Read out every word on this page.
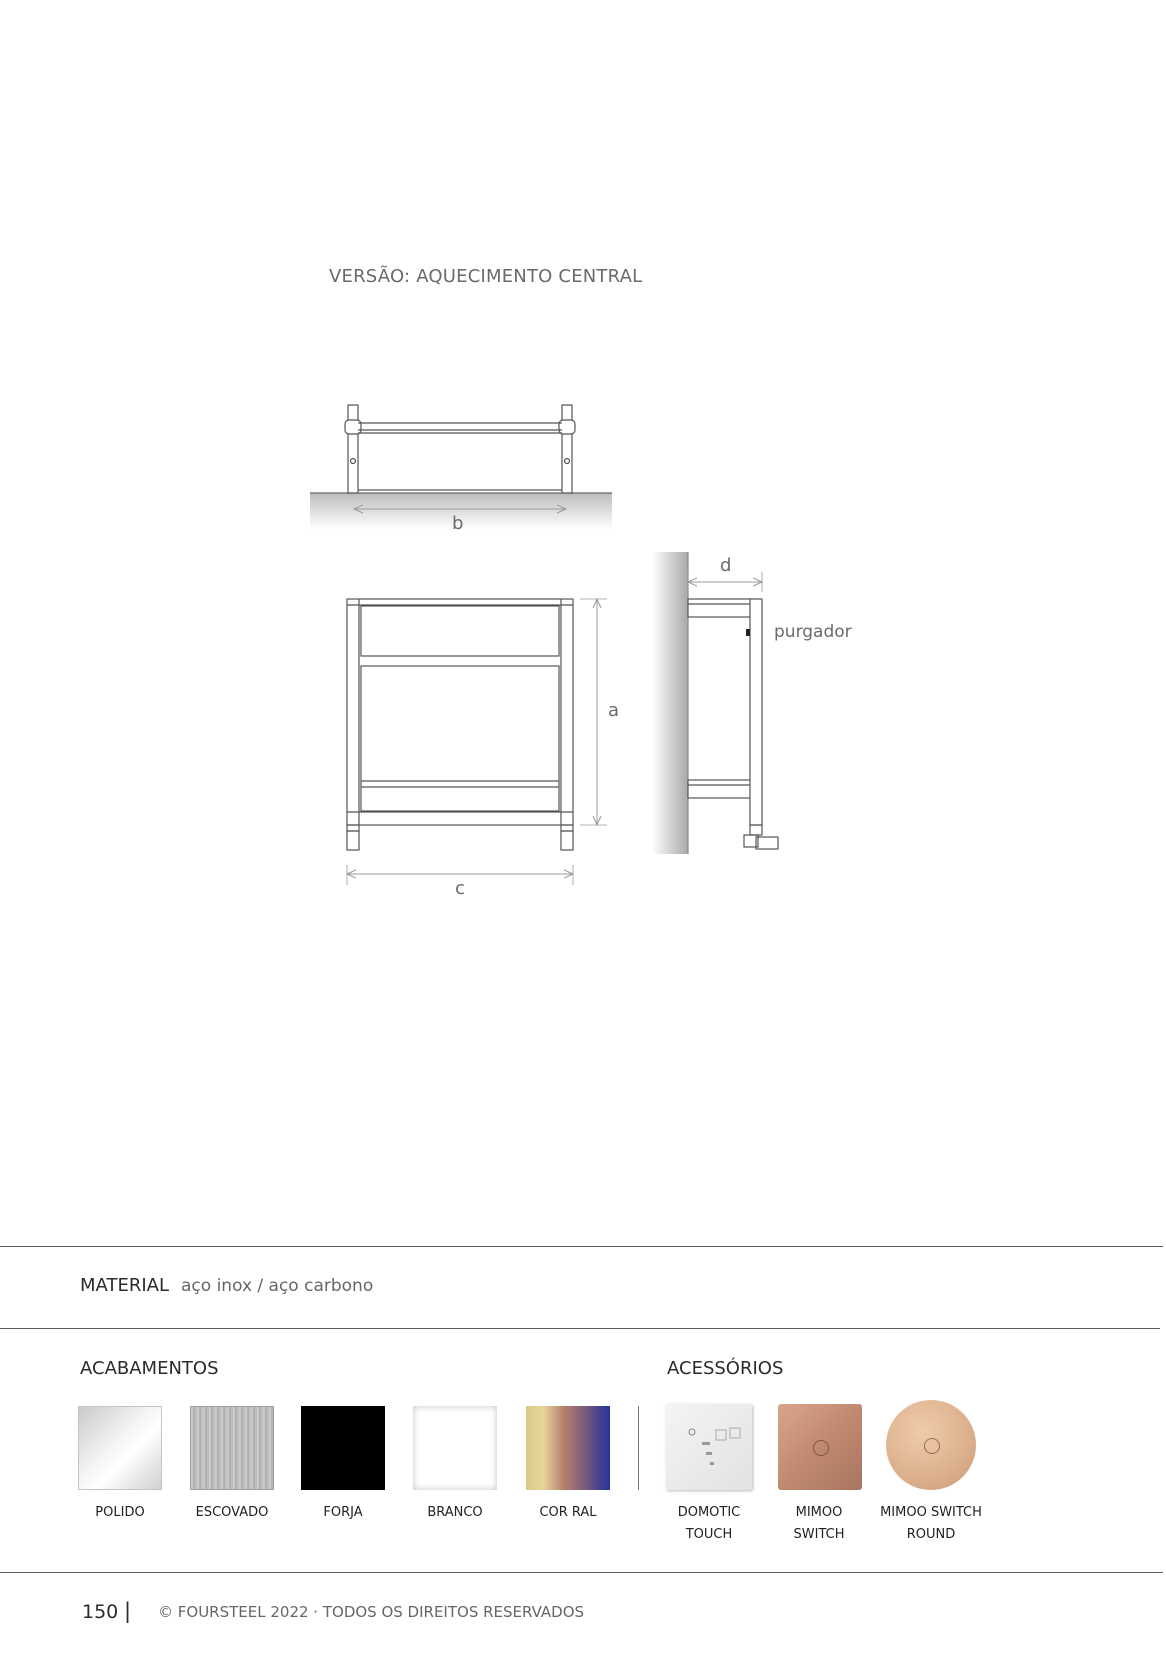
VERSÃO: AQUECIMENTO CENTRAL
b
c
a
d
purgador
MATERIAL aço inox / aço carbono
ACABAMENTOS	ACESSÓRIOS
POLIDO	ESCOVADO	FORJA	BRANCO	COR RAL	DOMOTIC
TOUCH
MIMOO
SWITCH
MIMOO SWITCH
ROUND
150 | © FOURSTEEL 2022 · TODOS OS DIREITOS RESERVADOS
